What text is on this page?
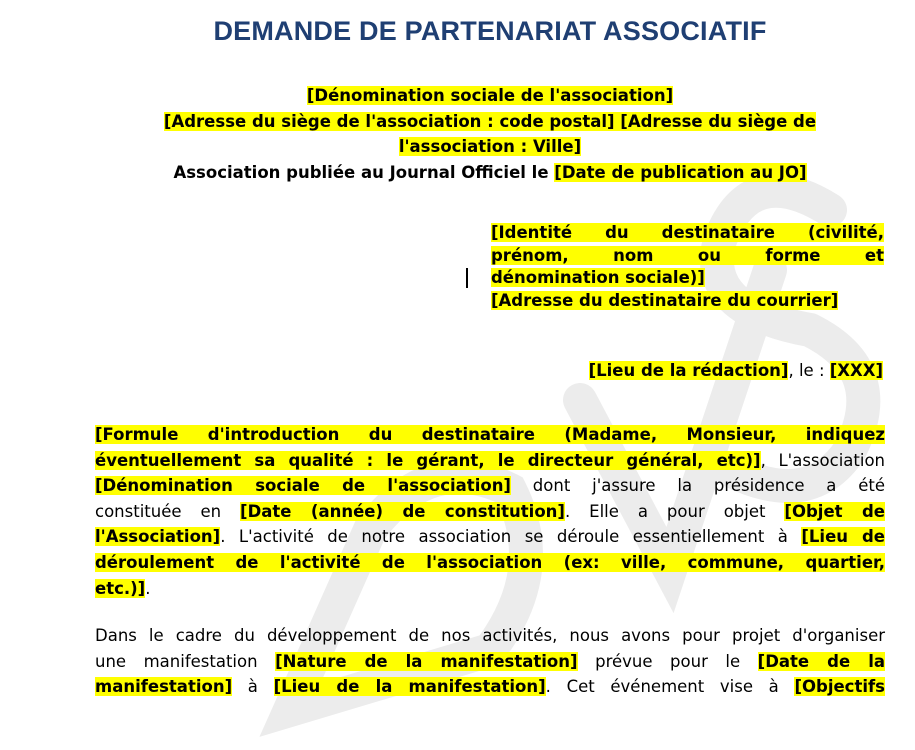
DEMANDE DE PARTENARIAT ASSOCIATIF
[Dénomination sociale de l'association]
[Adresse du siège de l'association : code postal] [Adresse du siège de
l'association : Ville]
Association publiée au Journal Officiel le [Date de publication au JO]
[Identité du destinataire (civilité,
prénom, nom ou forme et
dénomination sociale)]
[Adresse du destinataire du courrier]
[Lieu de la rédaction], le : [XXX]
[Formule d'introduction du destinataire (Madame, Monsieur, indiquez
éventuellement sa qualité : le gérant, le directeur général, etc)], L'association
[Dénomination sociale de l'association] dont j'assure la présidence a été
constituée en [Date (année) de constitution]. Elle a pour objet [Objet de
l'Association]. L'activité de notre association se déroule essentiellement à [Lieu de
déroulement de l'activité de l'association (ex: ville, commune, quartier,
etc.)].
Dans le cadre du développement de nos activités, nous avons pour projet d'organiser
une manifestation [Nature de la manifestation] prévue pour le [Date de la
manifestation] à [Lieu de la manifestation]. Cet événement vise à [Objectifs
